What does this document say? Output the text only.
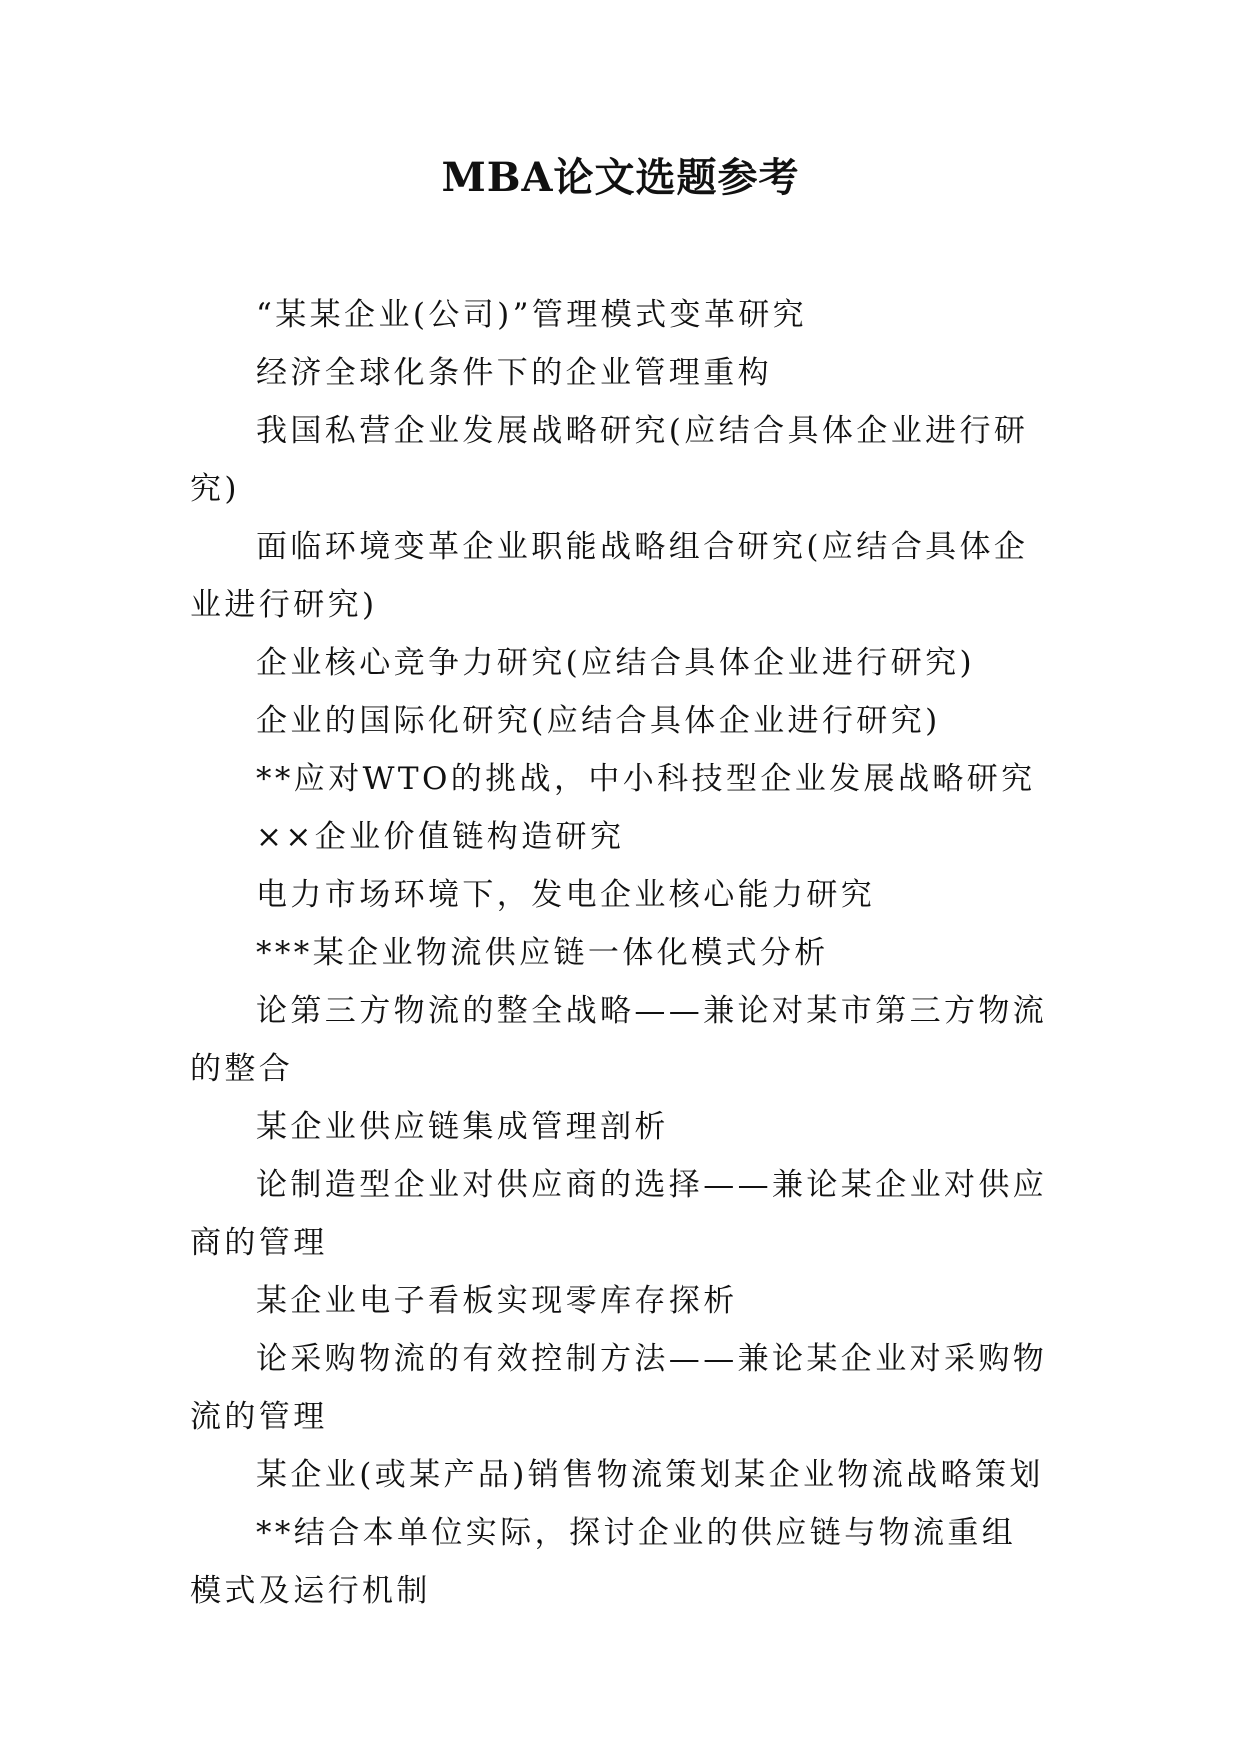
MBA论文选题参考
“某某企业(公司)”管理模式变革研究
经济全球化条件下的企业管理重构
我国私营企业发展战略研究(应结合具体企业进行研究)
面临环境变革企业职能战略组合研究(应结合具体企业进行研究)
企业核心竞争力研究(应结合具体企业进行研究)
企业的国际化研究(应结合具体企业进行研究)
**应对WTO的挑战，中小科技型企业发展战略研究
××企业价值链构造研究
电力市场环境下，发电企业核心能力研究
***某企业物流供应链一体化模式分析
论第三方物流的整全战略——兼论对某市第三方物流的整合
某企业供应链集成管理剖析
论制造型企业对供应商的选择——兼论某企业对供应商的管理
某企业电子看板实现零库存探析
论采购物流的有效控制方法——兼论某企业对采购物流的管理
某企业(或某产品)销售物流策划某企业物流战略策划
**结合本单位实际，探讨企业的供应链与物流重组模式及运行机制
